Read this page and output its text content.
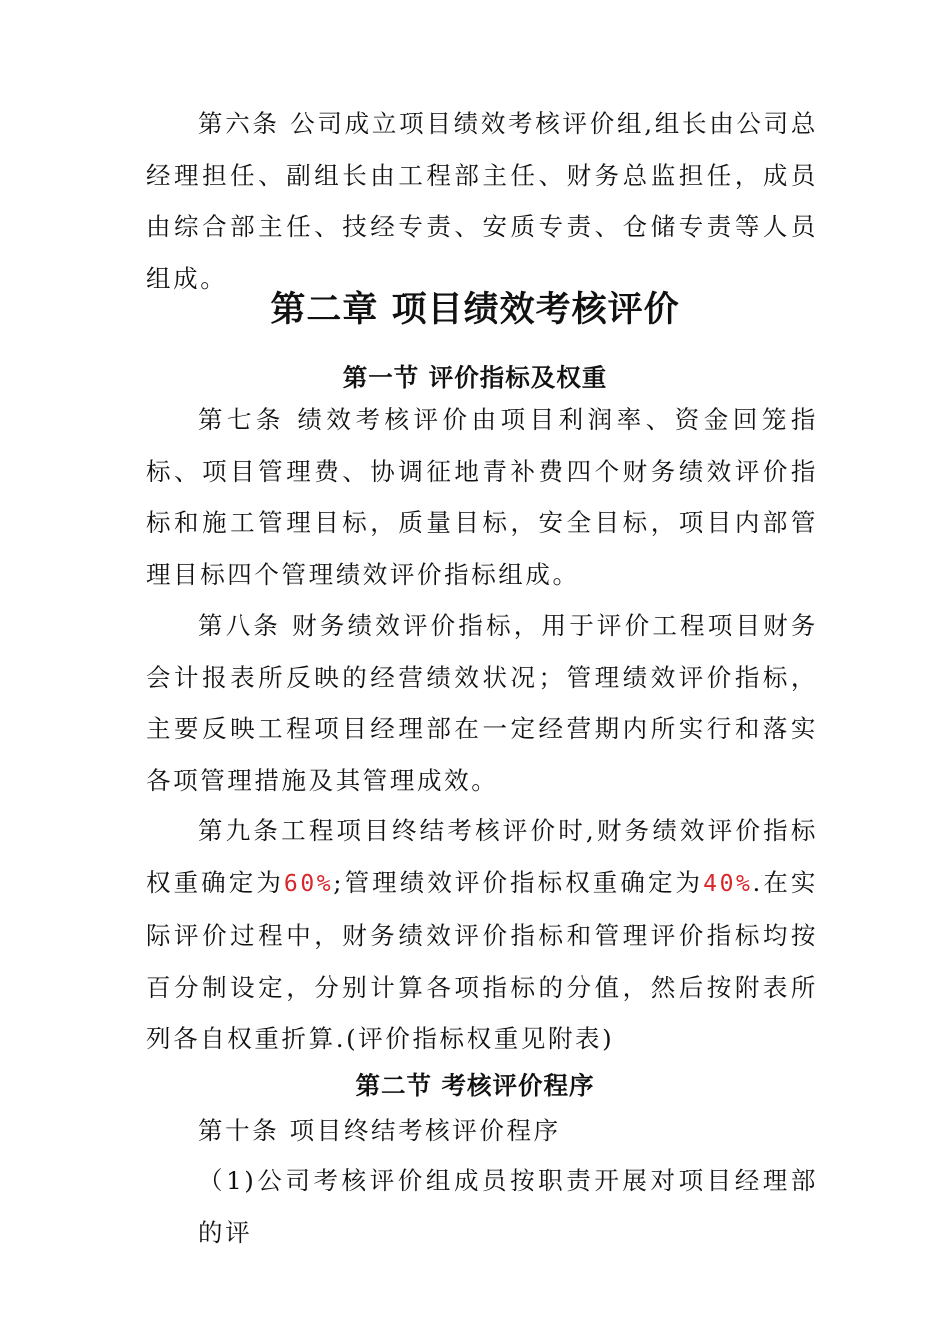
第六条 公司成立项目绩效考核评价组,组长由公司总经理担任、副组长由工程部主任、财务总监担任，成员由综合部主任、技经专责、安质专责、仓储专责等人员组成。

第二章 项目绩效考核评价
第一节 评价指标及权重

第七条 绩效考核评价由项目利润率、资金回笼指标、项目管理费、协调征地青补费四个财务绩效评价指标和施工管理目标，质量目标，安全目标，项目内部管理目标四个管理绩效评价指标组成。

第八条 财务绩效评价指标，用于评价工程项目财务会计报表所反映的经营绩效状况；管理绩效评价指标，主要反映工程项目经理部在一定经营期内所实行和落实各项管理措施及其管理成效。

第九条工程项目终结考核评价时,财务绩效评价指标权重确定为60%;管理绩效评价指标权重确定为40%.在实际评价过程中，财务绩效评价指标和管理评价指标均按百分制设定，分别计算各项指标的分值，然后按附表所列各自权重折算.(评价指标权重见附表)

第二节 考核评价程序

第十条 项目终结考核评价程序

（1)公司考核评价组成员按职责开展对项目经理部的评
